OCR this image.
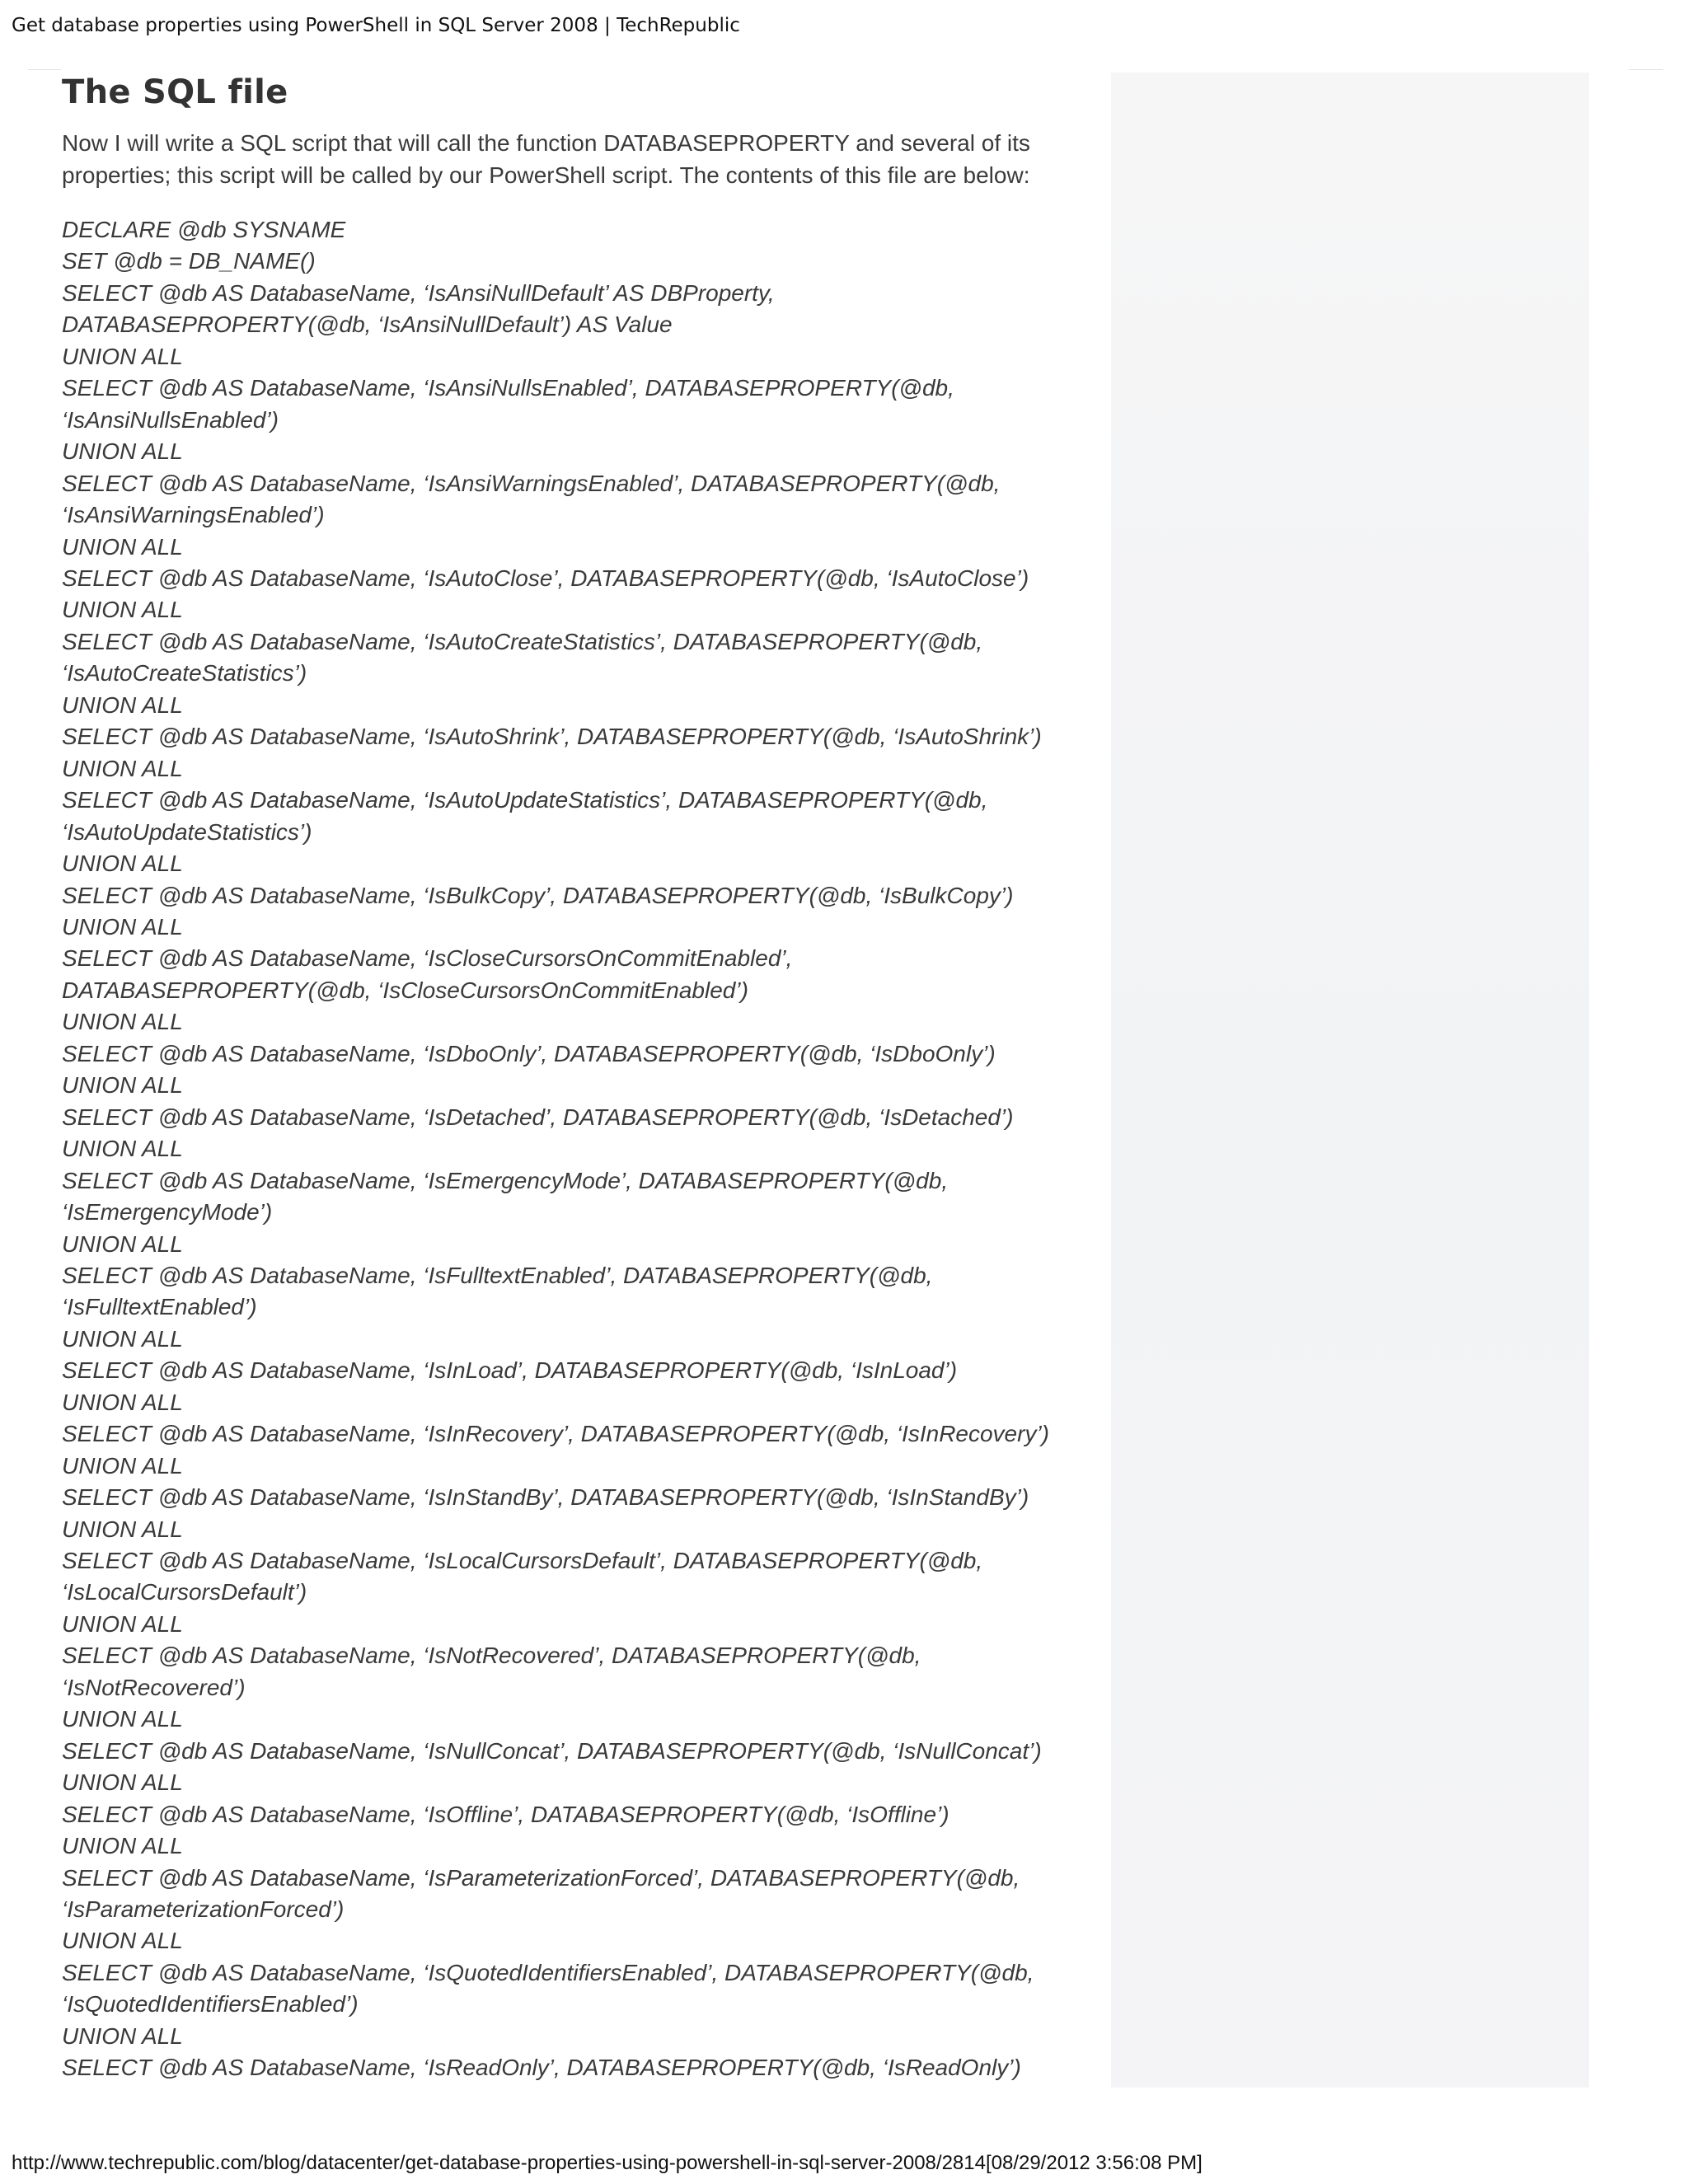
Get database properties using PowerShell in SQL Server 2008 | TechRepublic
The SQL file
Now I will write a SQL script that will call the function DATABASEPROPERTY and several of its
properties; this script will be called by our PowerShell script. The contents of this file are below:
DECLARE @db SYSNAME
SET @db = DB_NAME()
SELECT @db AS DatabaseName, ‘IsAnsiNullDefault’ AS DBProperty,
DATABASEPROPERTY(@db, ‘IsAnsiNullDefault’) AS Value
UNION ALL
SELECT @db AS DatabaseName, ‘IsAnsiNullsEnabled’, DATABASEPROPERTY(@db,
‘IsAnsiNullsEnabled’)
UNION ALL
SELECT @db AS DatabaseName, ‘IsAnsiWarningsEnabled’, DATABASEPROPERTY(@db,
‘IsAnsiWarningsEnabled’)
UNION ALL
SELECT @db AS DatabaseName, ‘IsAutoClose’, DATABASEPROPERTY(@db, ‘IsAutoClose’)
UNION ALL
SELECT @db AS DatabaseName, ‘IsAutoCreateStatistics’, DATABASEPROPERTY(@db,
‘IsAutoCreateStatistics’)
UNION ALL
SELECT @db AS DatabaseName, ‘IsAutoShrink’, DATABASEPROPERTY(@db, ‘IsAutoShrink’)
UNION ALL
SELECT @db AS DatabaseName, ‘IsAutoUpdateStatistics’, DATABASEPROPERTY(@db,
‘IsAutoUpdateStatistics’)
UNION ALL
SELECT @db AS DatabaseName, ‘IsBulkCopy’, DATABASEPROPERTY(@db, ‘IsBulkCopy’)
UNION ALL
SELECT @db AS DatabaseName, ‘IsCloseCursorsOnCommitEnabled’,
DATABASEPROPERTY(@db, ‘IsCloseCursorsOnCommitEnabled’)
UNION ALL
SELECT @db AS DatabaseName, ‘IsDboOnly’, DATABASEPROPERTY(@db, ‘IsDboOnly’)
UNION ALL
SELECT @db AS DatabaseName, ‘IsDetached’, DATABASEPROPERTY(@db, ‘IsDetached’)
UNION ALL
SELECT @db AS DatabaseName, ‘IsEmergencyMode’, DATABASEPROPERTY(@db,
‘IsEmergencyMode’)
UNION ALL
SELECT @db AS DatabaseName, ‘IsFulltextEnabled’, DATABASEPROPERTY(@db,
‘IsFulltextEnabled’)
UNION ALL
SELECT @db AS DatabaseName, ‘IsInLoad’, DATABASEPROPERTY(@db, ‘IsInLoad’)
UNION ALL
SELECT @db AS DatabaseName, ‘IsInRecovery’, DATABASEPROPERTY(@db, ‘IsInRecovery’)
UNION ALL
SELECT @db AS DatabaseName, ‘IsInStandBy’, DATABASEPROPERTY(@db, ‘IsInStandBy’)
UNION ALL
SELECT @db AS DatabaseName, ‘IsLocalCursorsDefault’, DATABASEPROPERTY(@db,
‘IsLocalCursorsDefault’)
UNION ALL
SELECT @db AS DatabaseName, ‘IsNotRecovered’, DATABASEPROPERTY(@db,
‘IsNotRecovered’)
UNION ALL
SELECT @db AS DatabaseName, ‘IsNullConcat’, DATABASEPROPERTY(@db, ‘IsNullConcat’)
UNION ALL
SELECT @db AS DatabaseName, ‘IsOffline’, DATABASEPROPERTY(@db, ‘IsOffline’)
UNION ALL
SELECT @db AS DatabaseName, ‘IsParameterizationForced’, DATABASEPROPERTY(@db,
‘IsParameterizationForced’)
UNION ALL
SELECT @db AS DatabaseName, ‘IsQuotedIdentifiersEnabled’, DATABASEPROPERTY(@db,
‘IsQuotedIdentifiersEnabled’)
UNION ALL
SELECT @db AS DatabaseName, ‘IsReadOnly’, DATABASEPROPERTY(@db, ‘IsReadOnly’)
http://www.techrepublic.com/blog/datacenter/get-database-properties-using-powershell-in-sql-server-2008/2814[08/29/2012 3:56:08 PM]
